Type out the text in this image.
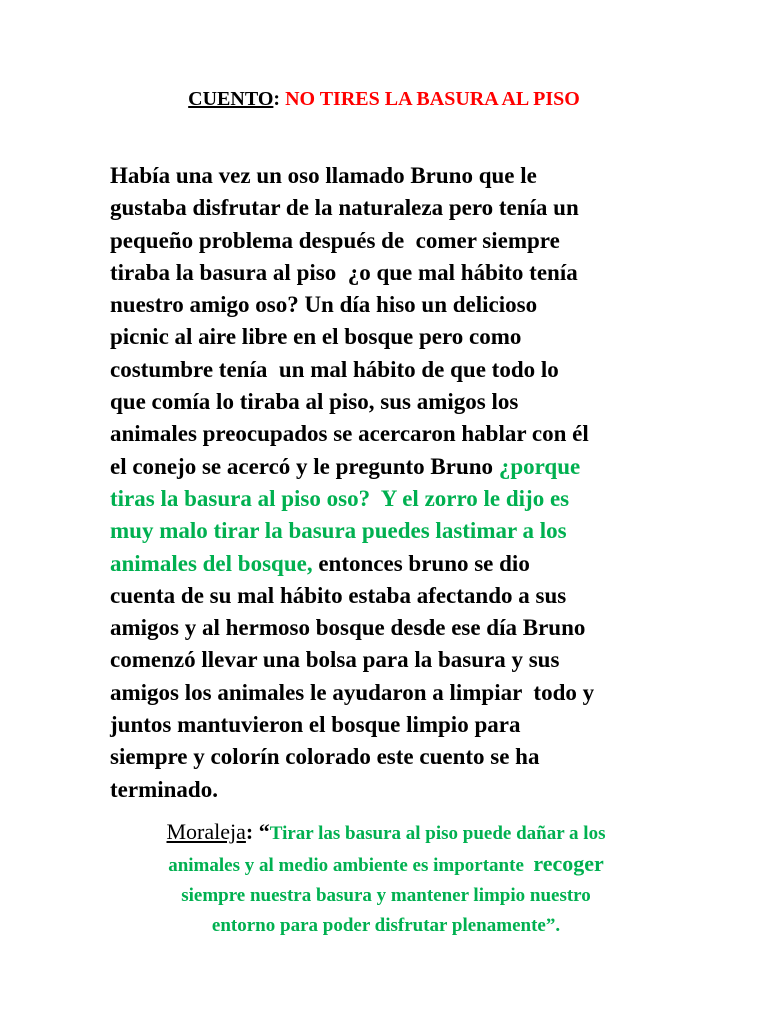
CUENTO: NO TIRES LA BASURA AL PISO
Había una vez un oso llamado Bruno que le
gustaba disfrutar de la naturaleza pero tenía un
pequeño problema después de  comer siempre
tiraba la basura al piso  ¿o que mal hábito tenía
nuestro amigo oso? Un día hiso un delicioso
picnic al aire libre en el bosque pero como
costumbre tenía  un mal hábito de que todo lo
que comía lo tiraba al piso, sus amigos los
animales preocupados se acercaron hablar con él
el conejo se acercó y le pregunto Bruno ¿porque
tiras la basura al piso oso?  Y el zorro le dijo es
muy malo tirar la basura puedes lastimar a los
animales del bosque, entonces bruno se dio
cuenta de su mal hábito estaba afectando a sus
amigos y al hermoso bosque desde ese día Bruno
comenzó llevar una bolsa para la basura y sus
amigos los animales le ayudaron a limpiar  todo y
juntos mantuvieron el bosque limpio para
siempre y colorín colorado este cuento se ha
terminado.
Moraleja: “Tirar las basura al piso puede dañar a los
animales y al medio ambiente es importante  recoger
siempre nuestra basura y mantener limpio nuestro
entorno para poder disfrutar plenamente”.
